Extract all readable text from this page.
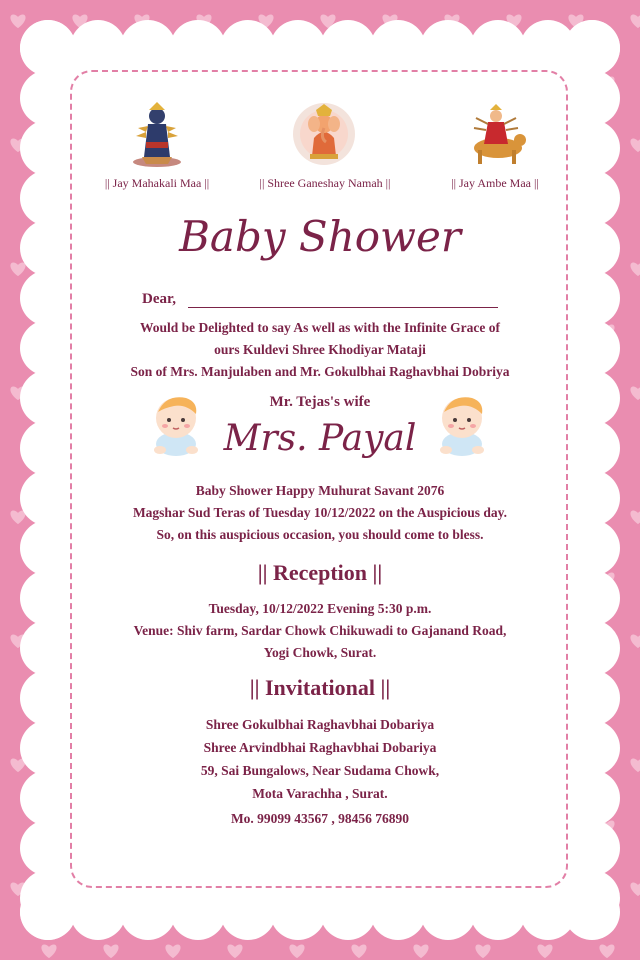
|| Jay Mahakali Maa ||	|| Shree Ganeshay Namah ||	|| Jay Ambe Maa ||
Baby Shower
Dear,
Would be Delighted to say As well as with the Infinite Grace of
ours Kuldevi Shree Khodiyar Mataji
Son of Mrs. Manjulaben and Mr. Gokulbhai Raghavbhai Dobriya
Mr. Tejas's wife
Mrs. Payal
Baby Shower Happy Muhurat Savant 2076
Magshar Sud Teras of Tuesday 10/12/2022 on the Auspicious day.
So, on this auspicious occasion, you should come to bless.
|| Reception ||
Tuesday, 10/12/2022 Evening 5:30 p.m.
Venue: Shiv farm, Sardar Chowk Chikuwadi to Gajanand Road,
Yogi Chowk, Surat.
|| Invitational ||
Shree Gokulbhai Raghavbhai Dobariya
Shree Arvindbhai Raghavbhai Dobariya
59, Sai Bungalows, Near Sudama Chowk,
Mota Varachha , Surat.
Mo. 99099 43567 , 98456 76890
